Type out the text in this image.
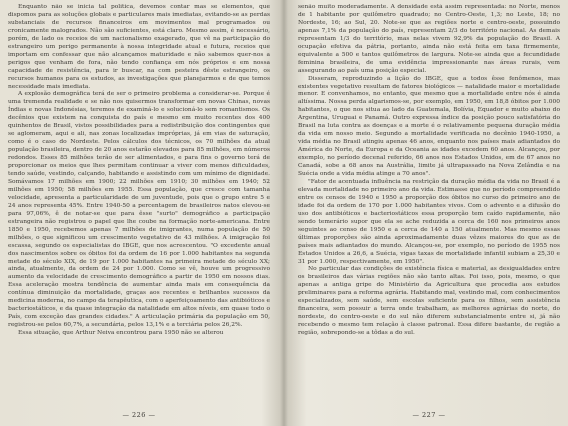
Enquanto não se inicia tal política, devemos contar mas se elementos, que dispomos para as soluções globais e particulares mais imediatas, evitando-se as perdas substanciais de recursos financeiros em movimentos mal programados ou cronicamente malogrados. Não são suficientes, está claro. Mesmo assim, é necessário, porém, de lado os receios de um nacionalismo exagerado, que vê na participação do estrangeiro um perigo permanente à nossa integridade atual e futura, receios que importam em confessar que não alcançamos maturidade e não sabemos quer-nos a perigos que venham de fora, não tendo confiança em nós próprios e em nossa capacidade de resistência, para ir buscar, na com pesteira dêste estrangeiro, os recursos humanos para os estudos, as investigações que planejarmos e de que temos necessidade mais imediata.

A explosão demográfica terá de ser o primeiro problema a considerar-se. Porque é uma tremenda realidade e se não nos quisermos transformar em novas Chinas, novas Índias e novas Indonésias, teremos de examiná-lo e solucioná-lo sem romantismos. Os decênios que existem na conquista do país e mesmo em muito recentes dos 400 quinhentos de Brasil, vistos possibilidades para a redistribuição dos contingentes que se aglomeram, aqui e ali, nas zonas localizadas impróprias, já em vias de saturação, como é o caso do Nordeste. Pelos cálculos dos técnicos, os 70 milhões da atual população brasileira, dentro de 20 anos estarão elevados para 85 milhões, em números redondos. Esses 85 milhões terão de ser alimentados, e para fins o governo terá de proporcionar os meios que lhes permitam continuar a viver com menos dificuldades, tendo saúde, vestindo, calçando, habitando e assistindo com um mínimo de dignidade. Somávamos 17 milhões em 1900; 22 milhões em 1910; 30 milhões em 1940; 52 milhões em 1950; 58 milhões em 1955. Essa população, que cresce com tamanha velocidade, apresenta a particularidade de um juventude, pois que o grupo entre 5 e 24 anos representa 45%. Entre 1940-50 a percentagem de brasileiros natos elevou-se para 97,06%, ê de notar-se que para êsse "surto" demográfico a participação estrangeira não registrou o papel que lhe coube na formação norte-americana. Entre 1850 e 1950, recebemos apenas 7 milhões de imigrantes, numa população de 50 milhões, o que significou um crescimento vegetativo de 43 milhões. A imigração foi escassa, segundo os especialistas do IBGE, que nos acrescentou. "O excedente anual dos nascimentos sobre os óbitos foi da ordem de 16 por 1.000 habitantes na segunda metade do século XIX, de 19 por 1.000 habitantes na primeira metade do século XX; ainda, atualmente, da ordem de 24 por 1.000. Como se vê, houve um progressivo aumento da velocidade de crescimento demográfico a partir de 1950 em nossos dias. Essa aceleração mostra tendência de aumentar ainda mais em consequência da contínua diminuição da mortalidade, graças aos recentes e brilhantes sucessos da medicina moderna, no campo da terapêutica, com o aperfeiçoamento das antibióticos e bacteriostáticos, e da quase integração da natalidade em altos níveis, em quase todo o País, com exceção das grandes cidades." A articulação primária da população em 50, registrou-se pelos 60,7%, a secundária, pelos 13,1% e a terciária pelos 26,2%.

Essa situação, que Arthur Neiva encontrou para 1950 não se alterou

senão muito moderadamente. A densidade está assim representada: no Norte, menos de 1 habitante por quilômetro quadrado; no Centro-Oeste, 1,3; no Leste, 18; no Nordeste, 16; ao Sul, 20. Note-se que as regiões norte e centro-oeste, possuindo apenas 7,1% da população do país, representam 2/3 do território nacional. As demais representam 1/3 do território, mas nelas vivem 92,9% da população do Brasil. A ocupação efetiva da pátria, portanto, ainda não está feita em taxa firmemente, equivalente a 500 e tantos quilômetros de largura. Note-se ainda que a fecundidade feminina brasileira, de uma evidência impressionante nas áreas rurais, vem assegurando ao país uma posição especial.

Disseram, reproduzindo a lição do IBGE, que a todos êsse fenômenos, mas existentes vegetativo resultam de fatores biológicos — natalidade maior e mortalidade menor. E convenhamos, no entanto, que mesmo que a mortalidade entre nós é ainda altíssima. Nossa perda algarismos-se, por exemplo, em 1950, em 18,8 óbitos por 1.000 habitantes, o que nos situa ao lado da Guatemala, Bolívia, Equador e muito abaixo do Argentina, Uruguai e Panamá. Outro expressa índice da posição pouco satisfatória do Brasil na luta contra as doenças e a morte é o relativamente pequena duração média da vida em nosso meio. Segundo a mortalidade verificada no decênio 1940-1950, a vida média no Brasil atingiu apenas 46 anos, enquanto nos países mais adiantados do América do Norte, da Europa e da Oceania as idades excedem 60 anos. Alcançou, por exemplo, no período decenal referido, 66 anos nos Estados Unidos, em de 67 anos no Canadá, sobe a 68 anos na Austrália, limite já ultrapassado na Nova Zelândia e na Suécia onde a vida média atinge a 70 anos".

"Fator de acentuada influência na restrição da duração média da vida no Brasil é a elevada mortalidade no primeiro ano da vida. Estimasse que no período compreendido entre os censos de 1940 e 1950 a proporção dos óbitos no curso do primeiro ano de idade foi da ordem de 170 por 1.000 habitantes vivos. Com o advento e a difusão do uso dos antibióticos e bacteriostáticos essa proporção tem caído rapidamente, não sendo temerário supor que ela se ache reduzida a cerca de 160 nos primeiros anos seguintes ao censo de 1950 e a cerca de 140 a 150 atualmente. Mas mesmo essas últimas proporções são ainda aproximadamente duas vêzes maiores do que as de países mais adiantados do mundo. Alcançou-se, por exemplo, no período de 1955 nos Estados Unidos a 26,6, a Suécia, vigas taxas de mortalidade infantil subiam a 25,30 e 31 por 1.000, respectivamente, em 1950".

No particular das condições de existência física e material, as desigualdades entre os brasileiros das várias regiões não são tanto altas. Foi isso, pois, mesmo, o que apenas a antiga gripe do Ministério da Agricultura que procedia aos estudos preliminares para a reforma agrária. Habitando mal, vestindo mal, com conhecimentos especializados, sem saúde, sem escolas suficiente para os filhos, sem assistência financeira, sem possuir a terra onde trabalham, as melhores agrárias do norte, do nordeste, do centro-oeste e do sul não diferem substancialmente entre si, já não recebendo o mesmo tem relação à classe patronal. Essa difere bastante, de região a região, sobrepondo-se a tôdas a do sul.

— 226 —	— 227 —
